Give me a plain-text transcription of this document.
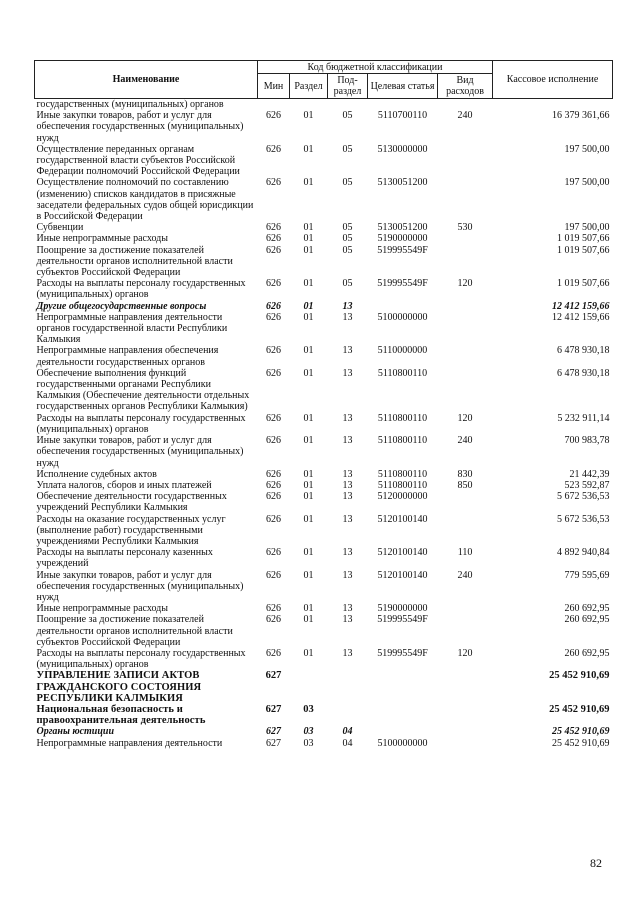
Наименование	Код бюджетной классификации					Кассовое исполнение
	Мин	Раздел	Под-раздел	Целевая статья	Вид расходов	
государственных (муниципальных) органов						
Иные закупки товаров, работ и услуг для обеспечения государственных (муниципальных) нужд	626	01	05	5110700110	240	16 379 361,66
Осуществление переданных органам государственной власти субъектов Российской Федерации полномочий Российской Федерации	626	01	05	5130000000		197 500,00
Осуществление полномочий по составлению (изменению) списков кандидатов в присяжные заседатели федеральных судов общей юрисдикции в Российской Федерации	626	01	05	5130051200		197 500,00
Субвенции	626	01	05	5130051200	530	197 500,00
Иные непрограммные расходы	626	01	05	5190000000		1 019 507,66
Поощрение за достижение показателей деятельности органов исполнительной власти субъектов Российской Федерации	626	01	05	519995549F		1 019 507,66
Расходы на выплаты персоналу государственных (муниципальных) органов	626	01	05	519995549F	120	1 019 507,66
Другие общегосударственные вопросы	626	01	13			12 412 159,66
Непрограммные направления деятельности органов государственной власти Республики Калмыкия	626	01	13	5100000000		12 412 159,66
Непрограммные направления обеспечения деятельности государственных органов	626	01	13	5110000000		6 478 930,18
Обеспечение выполнения функций государственными органами Республики Калмыкия (Обеспечение деятельности отдельных государственных органов Республики Калмыкия)	626	01	13	5110800110		6 478 930,18
Расходы на выплаты персоналу государственных (муниципальных) органов	626	01	13	5110800110	120	5 232 911,14
Иные закупки товаров, работ и услуг для обеспечения государственных (муниципальных) нужд	626	01	13	5110800110	240	700 983,78
Исполнение судебных актов	626	01	13	5110800110	830	21 442,39
Уплата налогов, сборов и иных платежей	626	01	13	5110800110	850	523 592,87
Обеспечение деятельности государственных учреждений Республики Калмыкия	626	01	13	5120000000		5 672 536,53
Расходы на оказание государственных услуг (выполнение работ) государственными учреждениями Республики Калмыкия	626	01	13	5120100140		5 672 536,53
Расходы на выплаты персоналу казенных учреждений	626	01	13	5120100140	110	4 892 940,84
Иные закупки товаров, работ и услуг для обеспечения государственных (муниципальных) нужд	626	01	13	5120100140	240	779 595,69
Иные непрограммные расходы	626	01	13	5190000000		260 692,95
Поощрение за достижение показателей деятельности органов исполнительной власти субъектов Российской Федерации	626	01	13	519995549F		260 692,95
Расходы на выплаты персоналу государственных (муниципальных) органов	626	01	13	519995549F	120	260 692,95
УПРАВЛЕНИЕ ЗАПИСИ АКТОВ ГРАЖДАНСКОГО СОСТОЯНИЯ РЕСПУБЛИКИ КАЛМЫКИЯ	627					25 452 910,69
Национальная безопасность и правоохранительная деятельность	627	03				25 452 910,69
Органы юстиции	627	03	04			25 452 910,69
Непрограммные направления деятельности	627	03	04	5100000000		25 452 910,69
82
